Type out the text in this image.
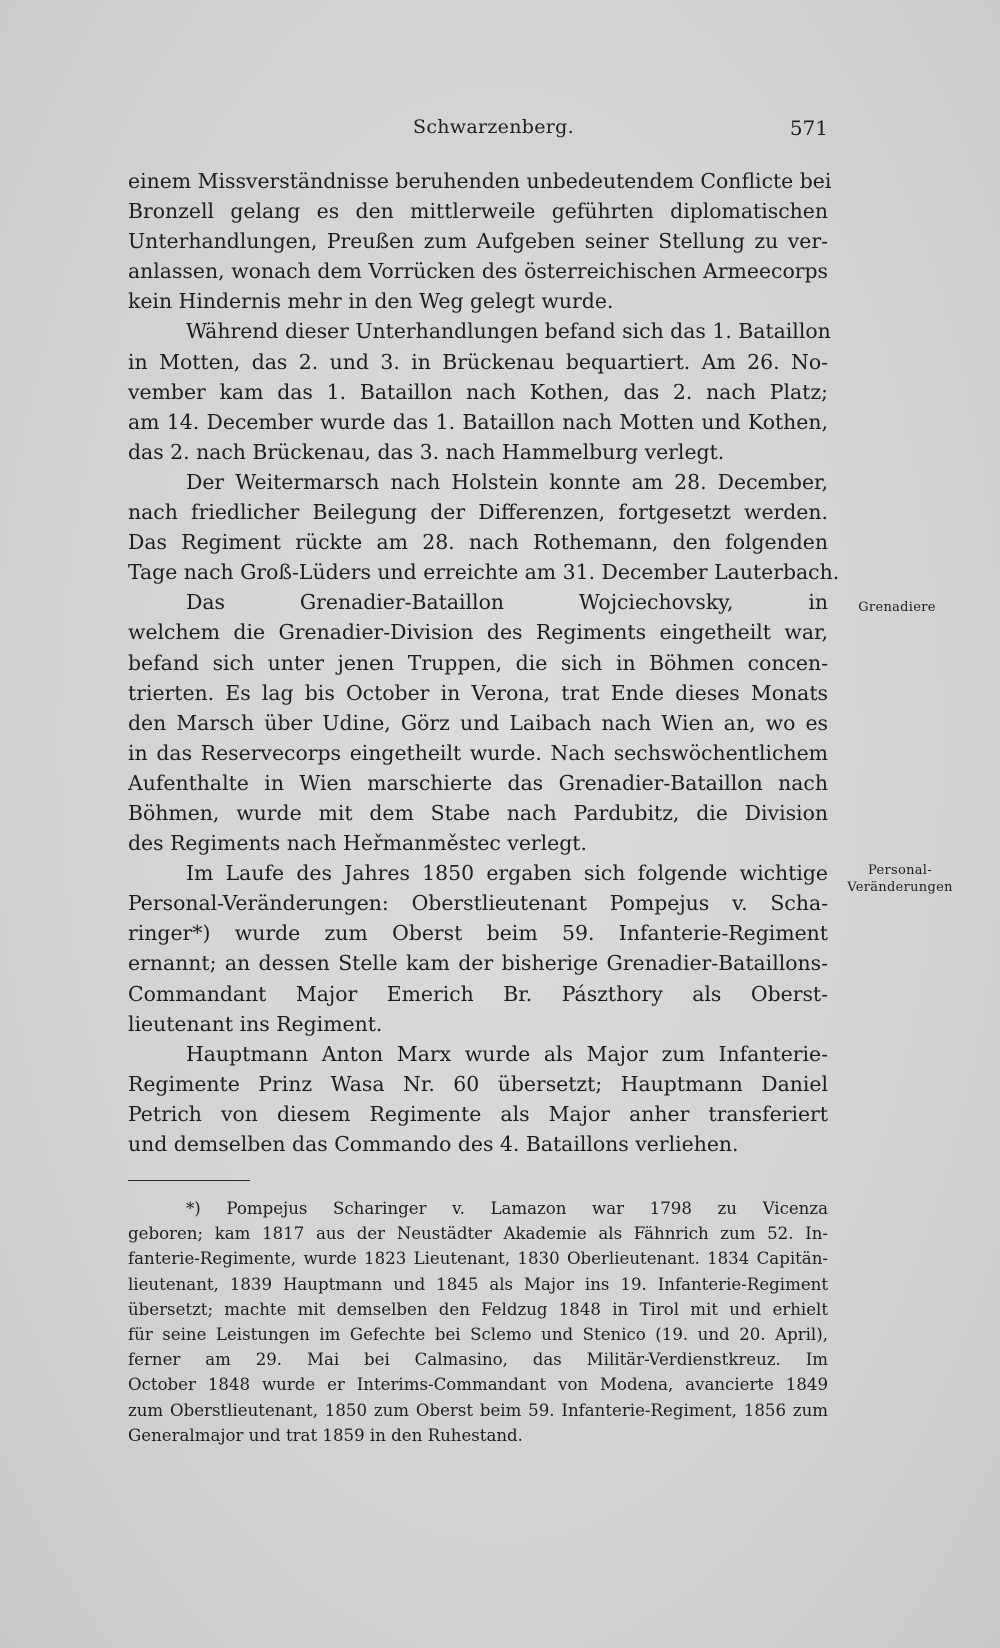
Schwarzenberg.	571
einem Missverständnisse beruhenden unbedeutendem Conflicte bei
Bronzell gelang es den mittlerweile geführten diplomatischen
Unterhandlungen, Preußen zum Aufgeben seiner Stellung zu ver-
anlassen, wonach dem Vorrücken des österreichischen Armeecorps
kein Hindernis mehr in den Weg gelegt wurde.
Während dieser Unterhandlungen befand sich das 1. Bataillon
in Motten, das 2. und 3. in Brückenau bequartiert. Am 26. No-
vember kam das 1. Bataillon nach Kothen, das 2. nach Platz;
am 14. December wurde das 1. Bataillon nach Motten und Kothen,
das 2. nach Brückenau, das 3. nach Hammelburg verlegt.
Der Weitermarsch nach Holstein konnte am 28. December,
nach friedlicher Beilegung der Differenzen, fortgesetzt werden.
Das Regiment rückte am 28. nach Rothemann, den folgenden
Tage nach Groß-Lüders und erreichte am 31. December Lauterbach.
Das Grenadier-Bataillon Wojciechovsky, in
welchem die Grenadier-Division des Regiments eingetheilt war,
befand sich unter jenen Truppen, die sich in Böhmen concen-
trierten. Es lag bis October in Verona, trat Ende dieses Monats
den Marsch über Udine, Görz und Laibach nach Wien an, wo es
in das Reservecorps eingetheilt wurde. Nach sechswöchentlichem
Aufenthalte in Wien marschierte das Grenadier-Bataillon nach
Böhmen, wurde mit dem Stabe nach Pardubitz, die Division
des Regiments nach Heřmanměstec verlegt.
Im Laufe des Jahres 1850 ergaben sich folgende wichtige
Personal-Veränderungen: Oberstlieutenant Pompejus v. Scha-
ringer*) wurde zum Oberst beim 59. Infanterie-Regiment
ernannt; an dessen Stelle kam der bisherige Grenadier-Bataillons-
Commandant Major Emerich Br. Pászthory als Oberst-
lieutenant ins Regiment.
Hauptmann Anton Marx wurde als Major zum Infanterie-
Regimente Prinz Wasa Nr. 60 übersetzt; Hauptmann Daniel
Petrich von diesem Regimente als Major anher transferiert
und demselben das Commando des 4. Bataillons verliehen.
Grenadiere
Personal-
Veränderungen
*) Pompejus Scharinger v. Lamazon war 1798 zu Vicenza
geboren; kam 1817 aus der Neustädter Akademie als Fähnrich zum 52. In-
fanterie-Regimente, wurde 1823 Lieutenant, 1830 Oberlieutenant. 1834 Capitän-
lieutenant, 1839 Hauptmann und 1845 als Major ins 19. Infanterie-Regiment
übersetzt; machte mit demselben den Feldzug 1848 in Tirol mit und erhielt
für seine Leistungen im Gefechte bei Sclemo und Stenico (19. und 20. April),
ferner am 29. Mai bei Calmasino, das Militär-Verdienstkreuz. Im
October 1848 wurde er Interims-Commandant von Modena, avancierte 1849
zum Oberstlieutenant, 1850 zum Oberst beim 59. Infanterie-Regiment, 1856 zum
Generalmajor und trat 1859 in den Ruhestand.
